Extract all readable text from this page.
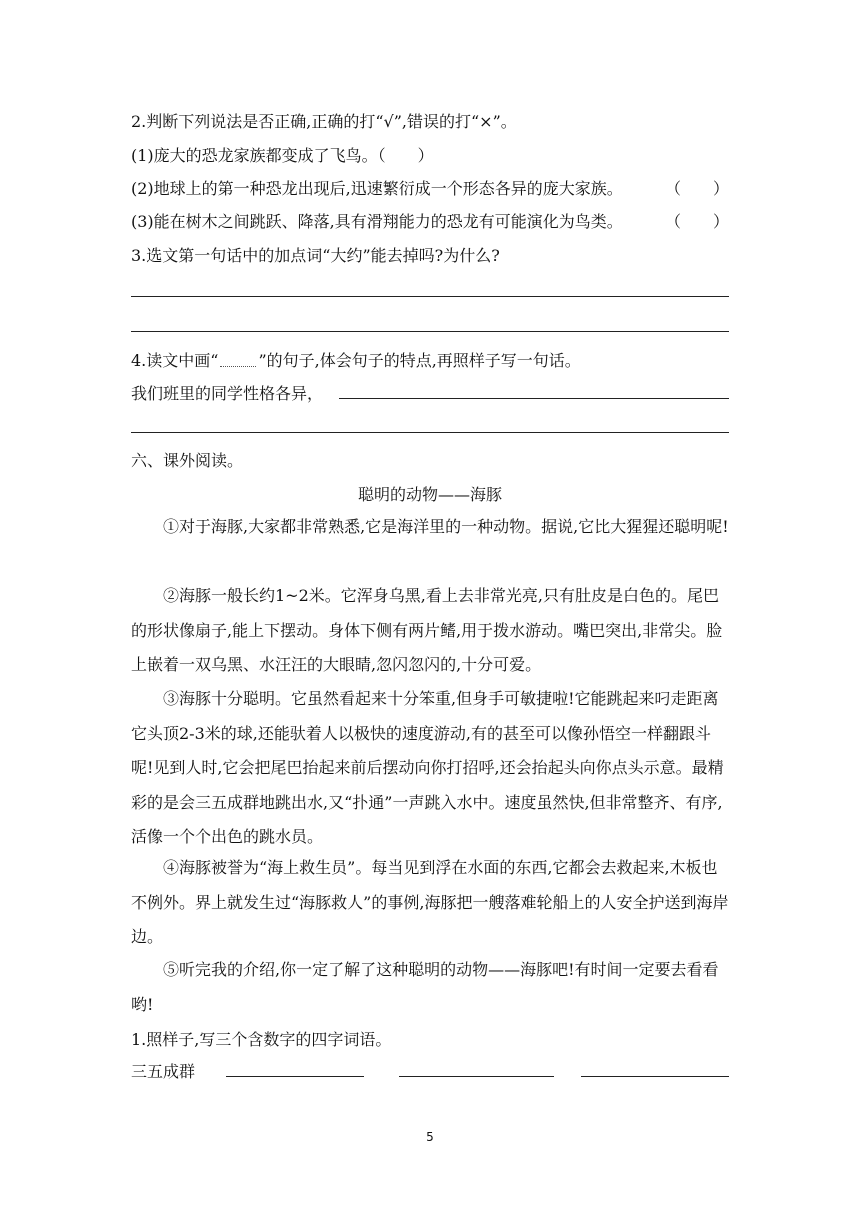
2.判断下列说法是否正确,正确的打“√”,错误的打“×”。
(1)庞大的恐龙家族都变成了飞鸟。（　　）
(2)地球上的第一种恐龙出现后,迅速繁衍成一个形态各异的庞大家族。	（　　）
(3)能在树木之间跳跃、降落,具有滑翔能力的恐龙有可能演化为鸟类。	（　　）
3.选文第一句话中的加点词“大约”能去掉吗?为什么?
4.读文中画“	”的句子,体会句子的特点,再照样子写一句话。
我们班里的同学性格各异，
六、课外阅读。
聪明的动物——海豚
①对于海豚,大家都非常熟悉,它是海洋里的一种动物。据说,它比大猩猩还聪明呢!
②海豚一般长约1~2米。它浑身乌黑,看上去非常光亮,只有肚皮是白色的。尾巴的形状像扇子,能上下摆动。身体下侧有两片鳍,用于拨水游动。嘴巴突出,非常尖。脸上嵌着一双乌黑、水汪汪的大眼睛,忽闪忽闪的,十分可爱。
③海豚十分聪明。它虽然看起来十分笨重,但身手可敏捷啦!它能跳起来叼走距离它头顶2-3米的球,还能驮着人以极快的速度游动,有的甚至可以像孙悟空一样翻跟斗呢!见到人时,它会把尾巴抬起来前后摆动向你打招呼,还会抬起头向你点头示意。最精彩的是会三五成群地跳出水,又“扑通”一声跳入水中。速度虽然快,但非常整齐、有序,活像一个个出色的跳水员。
④海豚被誉为“海上救生员”。每当见到浮在水面的东西,它都会去救起来,木板也不例外。界上就发生过“海豚救人”的事例,海豚把一艘落难轮船上的人安全护送到海岸边。
⑤听完我的介绍,你一定了解了这种聪明的动物——海豚吧!有时间一定要去看看哟!
1.照样子,写三个含数字的四字词语。
三五成群
5
